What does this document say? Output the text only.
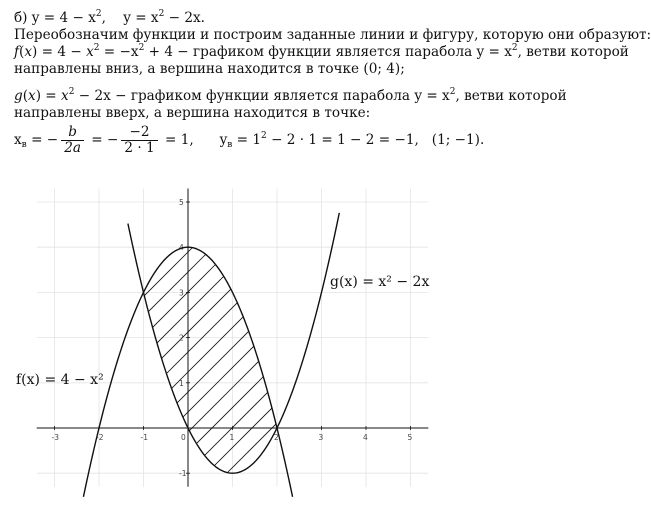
б) $y = 4 - x^2$,    $y = x^2 - 2x$.
Переобозначим функции и построим заданные линии и фигуру, которую они образуют:
$f(x) = 4 - x^2 = -x^2 + 4$ − графиком функции является парабола $y = x^2$, ветви которой
направлены вниз, а вершина находится в точке (0; 4);
$g(x) = x^2 - 2x$ − графиком функции является парабола $y = x^2$, ветви которой
направлены вверх, а вершина находится в точке:
$x_в$ = − $\frac{b}{2a}$ = − $\frac{-2}{2 \cdot 1} = 1$,      $y_в = 1^2 - 2 \cdot 1 = 1 - 2 = -1$,   (1; −1).
-3	-2	-1	0	1	2	3	4	5
5
4
3
2
1
-1
f(x) = 4 − x²
g(x) = x² − 2x
